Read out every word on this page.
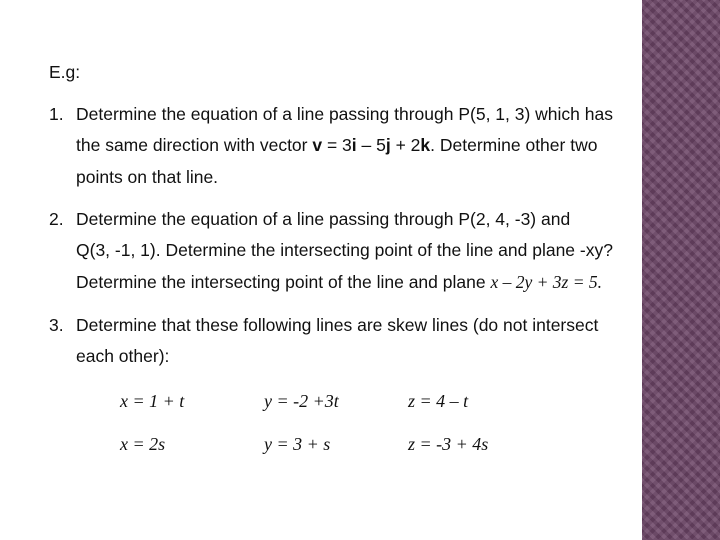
E.g:
1. Determine the equation of a line passing through P(5, 1, 3) which has
the same direction with vector v = 3i – 5j + 2k. Determine other two
points on that line.
2. Determine the equation of a line passing through P(2, 4, -3) and
Q(3, -1, 1). Determine the intersecting point of the line and plane -xy?
Determine the intersecting point of the line and plane x – 2y + 3z = 5.
3. Determine that these following lines are skew lines (do not intersect
each other):
x = 1 + t	y = -2 +3t	z = 4 – t
x = 2s	y = 3 + s	z = -3 + 4s
